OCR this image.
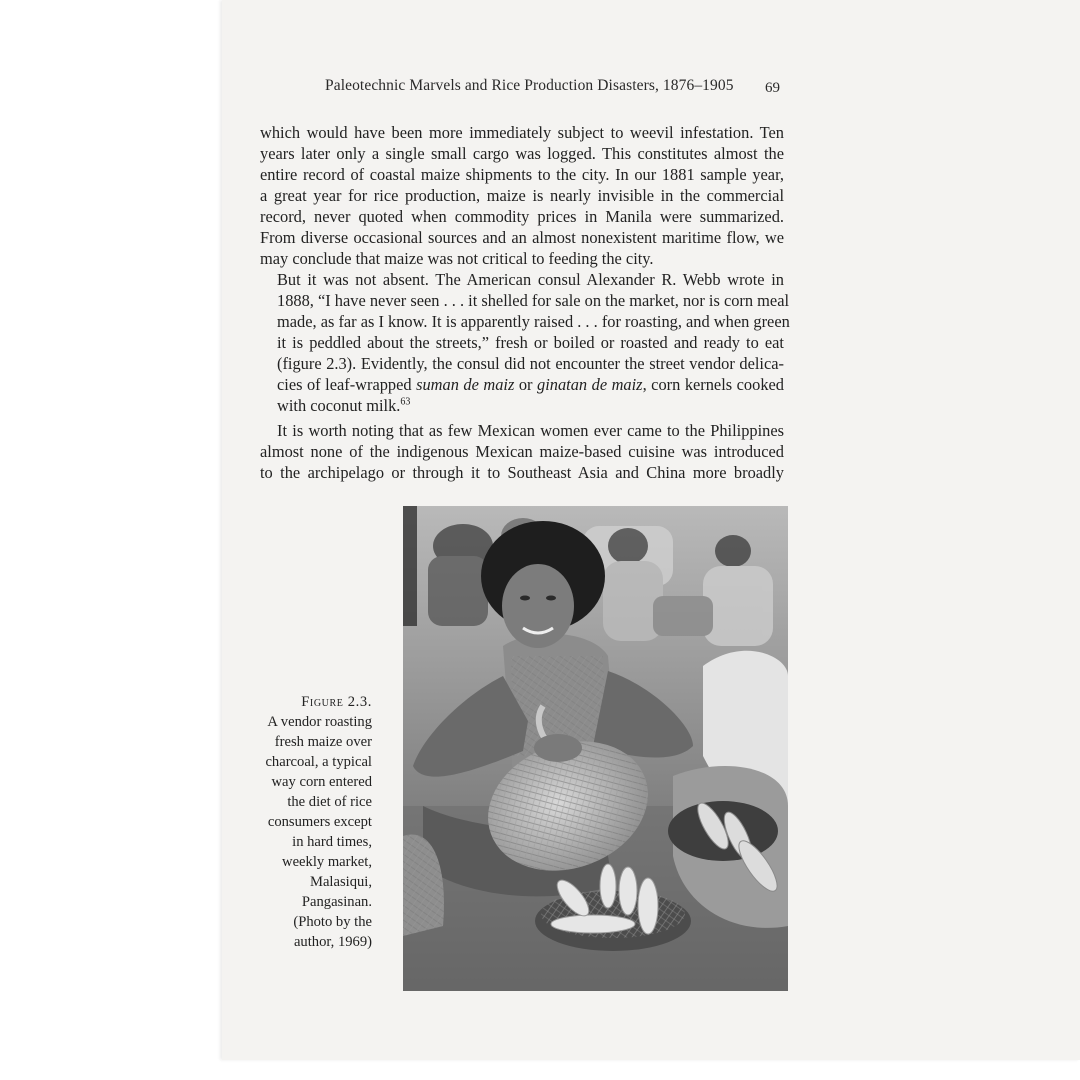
Paleotechnic Marvels and Rice Production Disasters, 1876–1905 69

which would have been more immediately subject to weevil infestation. Ten
years later only a single small cargo was logged. This constitutes almost the
entire record of coastal maize shipments to the city. In our 1881 sample year,
a great year for rice production, maize is nearly invisible in the commercial
record, never quoted when commodity prices in Manila were summarized.
From diverse occasional sources and an almost nonexistent maritime flow, we
may conclude that maize was not critical to feeding the city.

But it was not absent. The American consul Alexander R. Webb wrote in
1888, “I have never seen . . . it shelled for sale on the market, nor is corn meal
made, as far as I know. It is apparently raised . . . for roasting, and when green
it is peddled about the streets,” fresh or boiled or roasted and ready to eat
(figure 2.3). Evidently, the consul did not encounter the street vendor delica-
cies of leaf-wrapped suman de maiz or ginatan de maiz, corn kernels cooked
with coconut milk.$^{63}$

It is worth noting that as few Mexican women ever came to the Philippines
almost none of the indigenous Mexican maize-based cuisine was introduced
to the archipelago or through it to Southeast Asia and China more broadly

Figure 2.3.
A vendor roasting
fresh maize over
charcoal, a typical
way corn entered
the diet of rice
consumers except
in hard times,
weekly market,
Malasiqui,
Pangasinan.
(Photo by the
author, 1969)
